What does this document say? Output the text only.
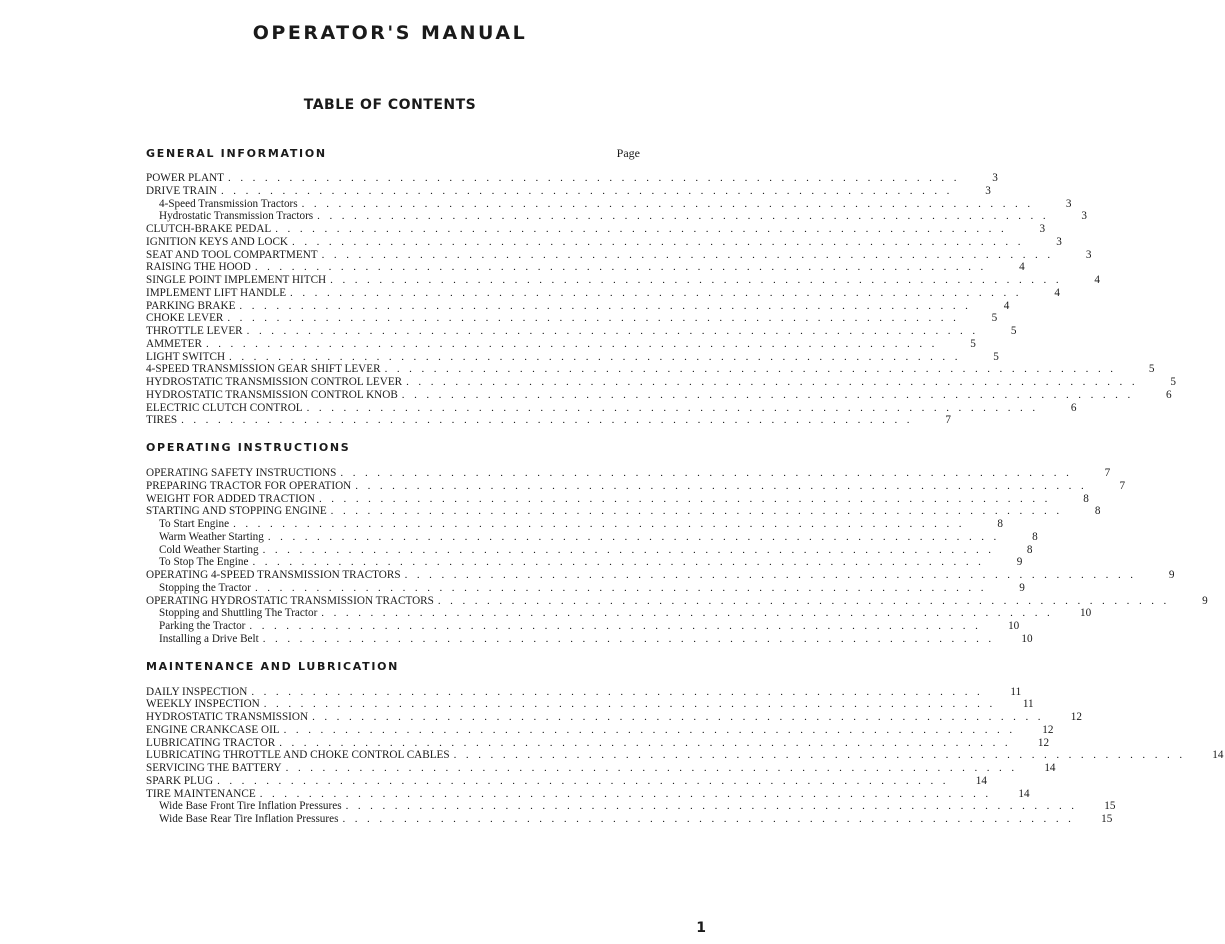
OPERATOR'S MANUAL
TABLE OF CONTENTS
GENERAL INFORMATION	Page
POWER PLANT . . . . . . . . . . . . . . . . . . . . . . . . . . . . . . . . . . . . . . . . . . . . . . . . . . . . . . . . . . . .	3
DRIVE TRAIN . . . . . . . . . . . . . . . . . . . . . . . . . . . . . . . . . . . . . . . . . . . . . . . . . . . . . . . . . . . .	3
4-Speed Transmission Tractors . . . . . . . . . . . . . . . . . . . . . . . . . . . . . . . . . . . . . . . . . . . . . . . . . . . . . . . . . . . .	3
Hydrostatic Transmission Tractors . . . . . . . . . . . . . . . . . . . . . . . . . . . . . . . . . . . . . . . . . . . . . . . . . . . . . . . . . . . .	3
CLUTCH-BRAKE PEDAL . . . . . . . . . . . . . . . . . . . . . . . . . . . . . . . . . . . . . . . . . . . . . . . . . . . . . . . . . . . .	3
IGNITION KEYS AND LOCK . . . . . . . . . . . . . . . . . . . . . . . . . . . . . . . . . . . . . . . . . . . . . . . . . . . . . . . . . . . .	3
SEAT AND TOOL COMPARTMENT . . . . . . . . . . . . . . . . . . . . . . . . . . . . . . . . . . . . . . . . . . . . . . . . . . . . . . . . . . . .	3
RAISING THE HOOD . . . . . . . . . . . . . . . . . . . . . . . . . . . . . . . . . . . . . . . . . . . . . . . . . . . . . . . . . . . .	4
SINGLE POINT IMPLEMENT HITCH . . . . . . . . . . . . . . . . . . . . . . . . . . . . . . . . . . . . . . . . . . . . . . . . . . . . . . . . . . . .	4
IMPLEMENT LIFT HANDLE . . . . . . . . . . . . . . . . . . . . . . . . . . . . . . . . . . . . . . . . . . . . . . . . . . . . . . . . . . . .	4
PARKING BRAKE . . . . . . . . . . . . . . . . . . . . . . . . . . . . . . . . . . . . . . . . . . . . . . . . . . . . . . . . . . . .	4
CHOKE LEVER . . . . . . . . . . . . . . . . . . . . . . . . . . . . . . . . . . . . . . . . . . . . . . . . . . . . . . . . . . . .	5
THROTTLE LEVER . . . . . . . . . . . . . . . . . . . . . . . . . . . . . . . . . . . . . . . . . . . . . . . . . . . . . . . . . . . .	5
AMMETER . . . . . . . . . . . . . . . . . . . . . . . . . . . . . . . . . . . . . . . . . . . . . . . . . . . . . . . . . . . .	5
LIGHT SWITCH . . . . . . . . . . . . . . . . . . . . . . . . . . . . . . . . . . . . . . . . . . . . . . . . . . . . . . . . . . . .	5
4-SPEED TRANSMISSION GEAR SHIFT LEVER . . . . . . . . . . . . . . . . . . . . . . . . . . . . . . . . . . . . . . . . . . . . . . . . . . . . . . . . . . . .	5
HYDROSTATIC TRANSMISSION CONTROL LEVER . . . . . . . . . . . . . . . . . . . . . . . . . . . . . . . . . . . . . . . . . . . . . . . . . . . . . . . . . . . .	5
HYDROSTATIC TRANSMISSION CONTROL KNOB . . . . . . . . . . . . . . . . . . . . . . . . . . . . . . . . . . . . . . . . . . . . . . . . . . . . . . . . . . . .	6
ELECTRIC CLUTCH CONTROL . . . . . . . . . . . . . . . . . . . . . . . . . . . . . . . . . . . . . . . . . . . . . . . . . . . . . . . . . . . .	6
TIRES . . . . . . . . . . . . . . . . . . . . . . . . . . . . . . . . . . . . . . . . . . . . . . . . . . . . . . . . . . . .	7
OPERATING INSTRUCTIONS
OPERATING SAFETY INSTRUCTIONS . . . . . . . . . . . . . . . . . . . . . . . . . . . . . . . . . . . . . . . . . . . . . . . . . . . . . . . . . . . .	7
PREPARING TRACTOR FOR OPERATION . . . . . . . . . . . . . . . . . . . . . . . . . . . . . . . . . . . . . . . . . . . . . . . . . . . . . . . . . . . .	7
WEIGHT FOR ADDED TRACTION . . . . . . . . . . . . . . . . . . . . . . . . . . . . . . . . . . . . . . . . . . . . . . . . . . . . . . . . . . . .	8
STARTING AND STOPPING ENGINE . . . . . . . . . . . . . . . . . . . . . . . . . . . . . . . . . . . . . . . . . . . . . . . . . . . . . . . . . . . .	8
To Start Engine . . . . . . . . . . . . . . . . . . . . . . . . . . . . . . . . . . . . . . . . . . . . . . . . . . . . . . . . . . . .	8
Warm Weather Starting . . . . . . . . . . . . . . . . . . . . . . . . . . . . . . . . . . . . . . . . . . . . . . . . . . . . . . . . . . . .	8
Cold Weather Starting . . . . . . . . . . . . . . . . . . . . . . . . . . . . . . . . . . . . . . . . . . . . . . . . . . . . . . . . . . . .	8
To Stop The Engine . . . . . . . . . . . . . . . . . . . . . . . . . . . . . . . . . . . . . . . . . . . . . . . . . . . . . . . . . . . .	9
OPERATING 4-SPEED TRANSMISSION TRACTORS . . . . . . . . . . . . . . . . . . . . . . . . . . . . . . . . . . . . . . . . . . . . . . . . . . . . . . . . . . . .	9
Stopping the Tractor . . . . . . . . . . . . . . . . . . . . . . . . . . . . . . . . . . . . . . . . . . . . . . . . . . . . . . . . . . . .	9
OPERATING HYDROSTATIC TRANSMISSION TRACTORS . . . . . . . . . . . . . . . . . . . . . . . . . . . . . . . . . . . . . . . . . . . . . . . . . . . . . . . . . . . .	9
Stopping and Shuttling The Tractor . . . . . . . . . . . . . . . . . . . . . . . . . . . . . . . . . . . . . . . . . . . . . . . . . . . . . . . . . . . .	10
Parking the Tractor . . . . . . . . . . . . . . . . . . . . . . . . . . . . . . . . . . . . . . . . . . . . . . . . . . . . . . . . . . . .	10
Installing a Drive Belt . . . . . . . . . . . . . . . . . . . . . . . . . . . . . . . . . . . . . . . . . . . . . . . . . . . . . . . . . . . .	10
MAINTENANCE AND LUBRICATION
DAILY INSPECTION . . . . . . . . . . . . . . . . . . . . . . . . . . . . . . . . . . . . . . . . . . . . . . . . . . . . . . . . . . . .	11
WEEKLY INSPECTION . . . . . . . . . . . . . . . . . . . . . . . . . . . . . . . . . . . . . . . . . . . . . . . . . . . . . . . . . . . .	11
HYDROSTATIC TRANSMISSION . . . . . . . . . . . . . . . . . . . . . . . . . . . . . . . . . . . . . . . . . . . . . . . . . . . . . . . . . . . .	12
ENGINE CRANKCASE OIL . . . . . . . . . . . . . . . . . . . . . . . . . . . . . . . . . . . . . . . . . . . . . . . . . . . . . . . . . . . .	12
LUBRICATING TRACTOR . . . . . . . . . . . . . . . . . . . . . . . . . . . . . . . . . . . . . . . . . . . . . . . . . . . . . . . . . . . .	12
LUBRICATING THROTTLE AND CHOKE CONTROL CABLES . . . . . . . . . . . . . . . . . . . . . . . . . . . . . . . . . . . . . . . . . . . . . . . . . . . . . . . . . . . .	14
SERVICING THE BATTERY . . . . . . . . . . . . . . . . . . . . . . . . . . . . . . . . . . . . . . . . . . . . . . . . . . . . . . . . . . . .	14
SPARK PLUG . . . . . . . . . . . . . . . . . . . . . . . . . . . . . . . . . . . . . . . . . . . . . . . . . . . . . . . . . . . .	14
TIRE MAINTENANCE . . . . . . . . . . . . . . . . . . . . . . . . . . . . . . . . . . . . . . . . . . . . . . . . . . . . . . . . . . . .	14
Wide Base Front Tire Inflation Pressures . . . . . . . . . . . . . . . . . . . . . . . . . . . . . . . . . . . . . . . . . . . . . . . . . . . . . . . . . . . .	15
Wide Base Rear Tire Inflation Pressures . . . . . . . . . . . . . . . . . . . . . . . . . . . . . . . . . . . . . . . . . . . . . . . . . . . . . . . . . . . .	15
1
